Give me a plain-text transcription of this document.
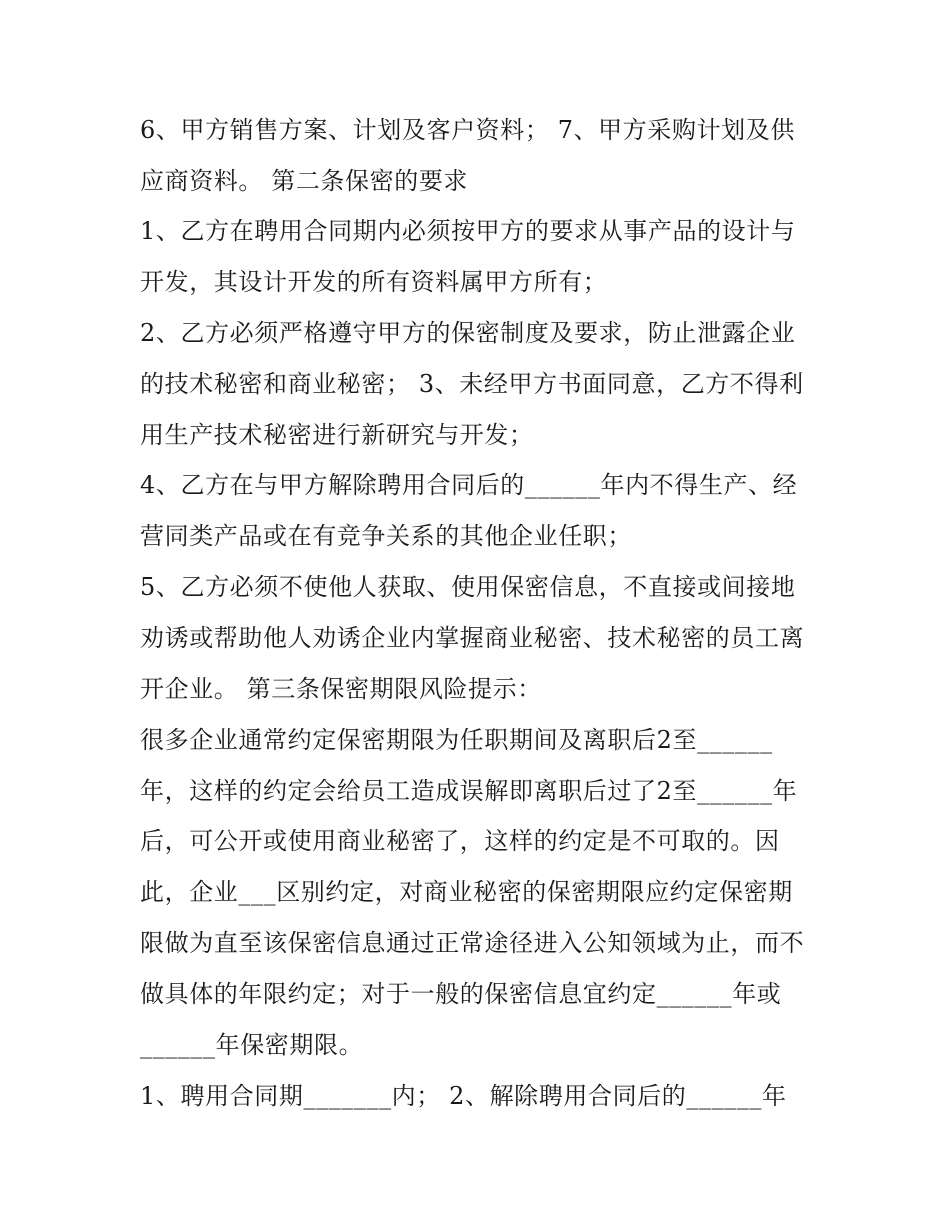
6、甲方销售方案、计划及客户资料； 7、甲方采购计划及供
应商资料。 第二条保密的要求
1、乙方在聘用合同期内必须按甲方的要求从事产品的设计与
开发，其设计开发的所有资料属甲方所有；
2、乙方必须严格遵守甲方的保密制度及要求，防止泄露企业
的技术秘密和商业秘密； 3、未经甲方书面同意，乙方不得利
用生产技术秘密进行新研究与开发；
4、乙方在与甲方解除聘用合同后的______年内不得生产、经
营同类产品或在有竞争关系的其他企业任职；
5、乙方必须不使他人获取、使用保密信息，不直接或间接地
劝诱或帮助他人劝诱企业内掌握商业秘密、技术秘密的员工离
开企业。 第三条保密期限风险提示：
很多企业通常约定保密期限为任职期间及离职后2至______
年，这样的约定会给员工造成误解即离职后过了2至______年
后，可公开或使用商业秘密了，这样的约定是不可取的。因
此，企业___区别约定，对商业秘密的保密期限应约定保密期
限做为直至该保密信息通过正常途径进入公知领域为止，而不
做具体的年限约定；对于一般的保密信息宜约定______年或
______年保密期限。
1、聘用合同期_______内； 2、解除聘用合同后的______年
